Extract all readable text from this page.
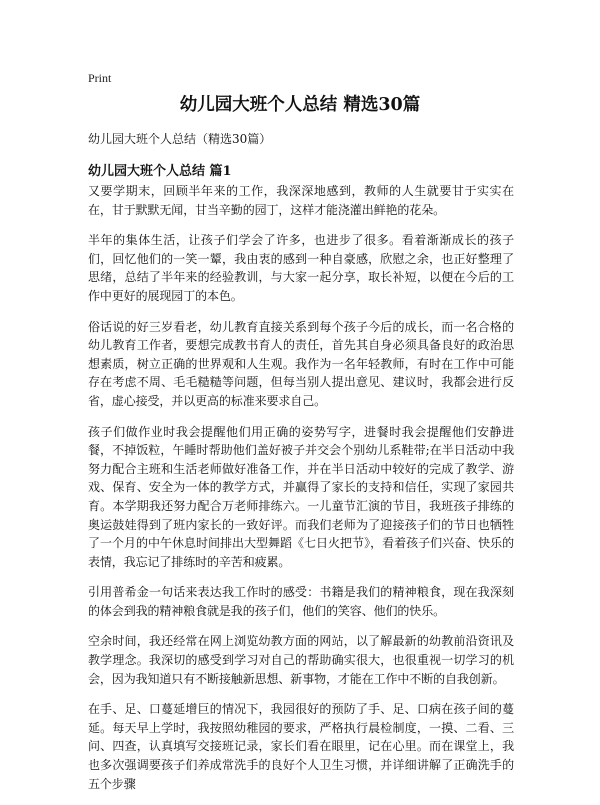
Print
幼儿园大班个人总结 精选30篇

幼儿园大班个人总结（精选30篇）

幼儿园大班个人总结 篇1

又要学期末，回顾半年来的工作，我深深地感到，教师的人生就要甘于实实在在，甘于默默无闻，甘当辛勤的园丁，这样才能浇灌出鲜艳的花朵。

半年的集体生活，让孩子们学会了许多，也进步了很多。看着渐渐成长的孩子们，回忆他们的一笑一颦，我由衷的感到一种自豪感，欣慰之余，也正好整理了思绪，总结了半年来的经验教训，与大家一起分享，取长补短，以便在今后的工作中更好的展现园丁的本色。

俗话说的好三岁看老，幼儿教育直接关系到每个孩子今后的成长，而一名合格的幼儿教育工作者，要想完成教书育人的责任，首先其自身必须具备良好的政治思想素质，树立正确的世界观和人生观。我作为一名年轻教师，有时在工作中可能存在考虑不周、毛毛糙糙等问题，但每当别人提出意见、建议时，我都会进行反省，虚心接受，并以更高的标准来要求自己。

孩子们做作业时我会提醒他们用正确的姿势写字，进餐时我会提醒他们安静进餐，不掉饭粒，午睡时帮助他们盖好被子并交会个别幼儿系鞋带;在半日活动中我努力配合主班和生活老师做好准备工作，并在半日活动中较好的完成了教学、游戏、保育、安全为一体的教学方式，并赢得了家长的支持和信任，实现了家园共育。本学期我还努力配合万老师排练六。一儿童节汇演的节目，我班孩子排练的奥运鼓娃得到了班内家长的一致好评。而我们老师为了迎接孩子们的节日也牺牲了一个月的中午休息时间排出大型舞蹈《七日火把节》，看着孩子们兴奋、快乐的表情，我忘记了排练时的辛苦和疲累。

引用普希金一句话来表达我工作时的感受：书籍是我们的精神粮食，现在我深刻的体会到我的精神粮食就是我的孩子们，他们的笑容、他们的快乐。

空余时间，我还经常在网上浏览幼教方面的网站，以了解最新的幼教前沿资讯及教学理念。我深切的感受到学习对自己的帮助确实很大，也很重视一切学习的机会，因为我知道只有不断接触新思想、新事物，才能在工作中不断的自我创新。

在手、足、口蔓延增巨的情况下，我园很好的预防了手、足、口病在孩子间的蔓延。每天早上学时，我按照幼稚园的要求，严格执行晨检制度，一摸、二看、三问、四查，认真填写交接班记录，家长们看在眼里，记在心里。而在课堂上，我也多次强调要孩子们养成常洗手的良好个人卫生习惯，并详细讲解了正确洗手的五个步骤
